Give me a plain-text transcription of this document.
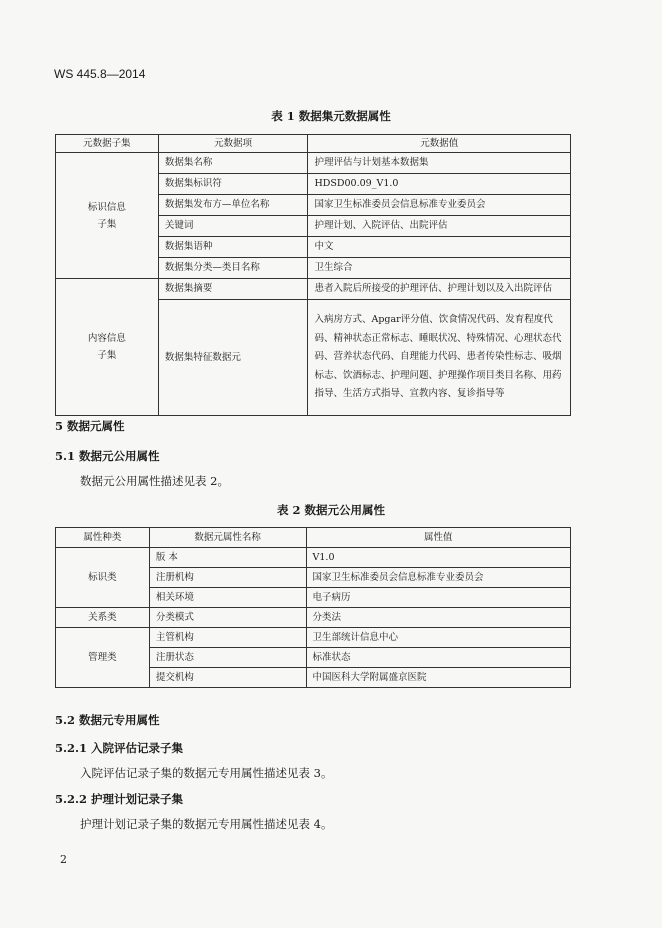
WS 445.8—2014
表 1 数据集元数据属性
元数据子集	元数据项	元数据值
标识信息子集	数据集名称	护理评估与计划基本数据集
	数据集标识符	HDSD00.09_V1.0
	数据集发布方—单位名称	国家卫生标准委员会信息标准专业委员会
	关键词	护理计划、入院评估、出院评估
	数据集语种	中文
	数据集分类—类目名称	卫生综合
内容信息子集	数据集摘要	患者入院后所接受的护理评估、护理计划以及入出院评估
	数据集特征数据元	入病房方式、Apgar评分值、饮食情况代码、发育程度代码、精神状态正常标志、睡眠状况、特殊情况、心理状态代码、营养状态代码、自理能力代码、患者传染性标志、吸烟标志、饮酒标志、护理问题、护理操作项目类目名称、用药指导、生活方式指导、宣教内容、复诊指导等
5 数据元属性
5.1 数据元公用属性
数据元公用属性描述见表 2。
表 2 数据元公用属性
属性种类	数据元属性名称	属性值
标识类	版 本	V1.0
	注册机构	国家卫生标准委员会信息标准专业委员会
	相关环境	电子病历
关系类	分类模式	分类法
管理类	主管机构	卫生部统计信息中心
	注册状态	标准状态
	提交机构	中国医科大学附属盛京医院
5.2 数据元专用属性
5.2.1 入院评估记录子集
入院评估记录子集的数据元专用属性描述见表 3。
5.2.2 护理计划记录子集
护理计划记录子集的数据元专用属性描述见表 4。
2
